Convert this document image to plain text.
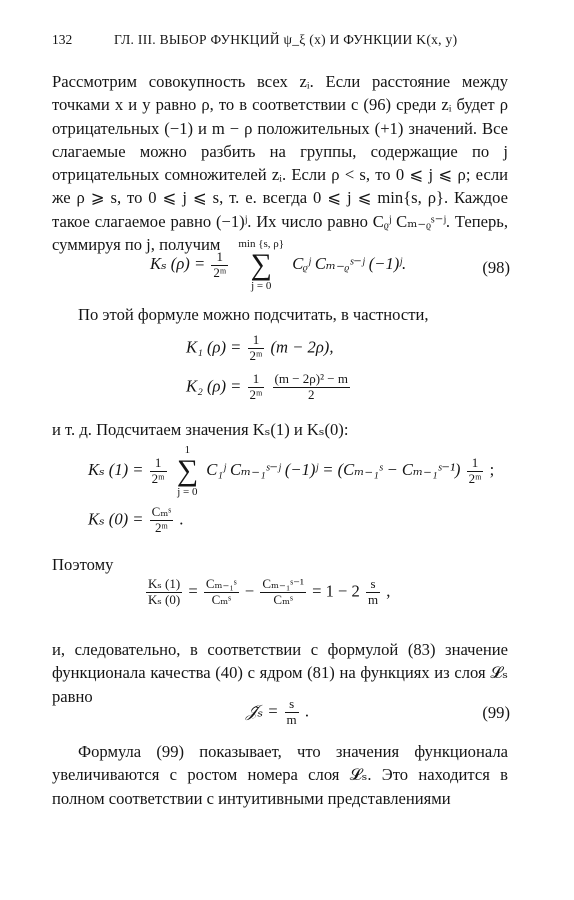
132	ГЛ. III. ВЫБОР ФУНКЦИЙ ψ_ξ (x) И ФУНКЦИИ K(x, y)

Рассмотрим совокупность всех zᵢ. Если расстояние между точками x и y равно ρ, то в соответствии с (96) среди zᵢ будет ρ отрицательных (−1) и m − ρ положительных (+1) значений. Все слагаемые можно разбить на группы, содержащие по j отрицательных сомножителей zᵢ. Если ρ < s, то 0 ⩽ j ⩽ ρ; если же ρ ⩾ s, то 0 ⩽ j ⩽ s, т. е. всегда 0 ⩽ j ⩽ min{s, ρ}. Каждое такое слагаемое равно (−1)ʲ. Их число равно Cᵨʲ Cₘ₋ᵨˢ⁻ʲ. Теперь, суммируя по j, получим

Kₛ $(\rho) = \frac{1}{\text{2ᵐ}}$

min {s, ρ}
∑
j = 0
Cᵨʲ Cₘ₋ᵨˢ⁻ʲ (−1)ʲ.	(98)

По этой формуле можно подсчитать, в частности,

K₁ $(\rho) = \frac{1}{\text{2ᵐ}} (m - 2\rho)$,
K₂ $(\rho) = \frac{1}{\text{2ᵐ}}$
$\frac{\text{(m − 2ρ)² − m}}{2}$

и т. д. Подсчитаем значения Kₛ(1) и Kₛ(0):

Kₛ $(1) = \frac{1}{\text{2ᵐ}}$

1
∑
j = 0
C₁ʲ Cₘ₋₁ˢ⁻ʲ (−1)ʲ = (Cₘ₋₁ˢ − Cₘ₋₁ˢ⁻¹) $\frac{1}{\text{2ᵐ}}$ ;
Kₛ $(0) = \frac{\text{Cₘˢ}}{\text{2ᵐ}}$ .

Поэтому

$\frac{\text{Kₛ (1)}}{\text{Kₛ (0)}} = \frac{\text{Cₘ₋₁ˢ}}{\text{Cₘˢ}} - \frac{\text{Cₘ₋₁ˢ⁻¹}}{\text{Cₘˢ}} = 1 - 2 \frac{s}{m}$ ,

и, следовательно, в соответствии с формулой (83) значение функционала качества (40) с ядром (81) на функциях из слоя 𝓛ₛ равно

𝒥̃ₛ = $\frac{s}{m}$ .	(99)

Формула (99) показывает, что значения функционала увеличиваются с ростом номера слоя 𝓛ₛ. Это находится в полном соответствии с интуитивными представлениями
